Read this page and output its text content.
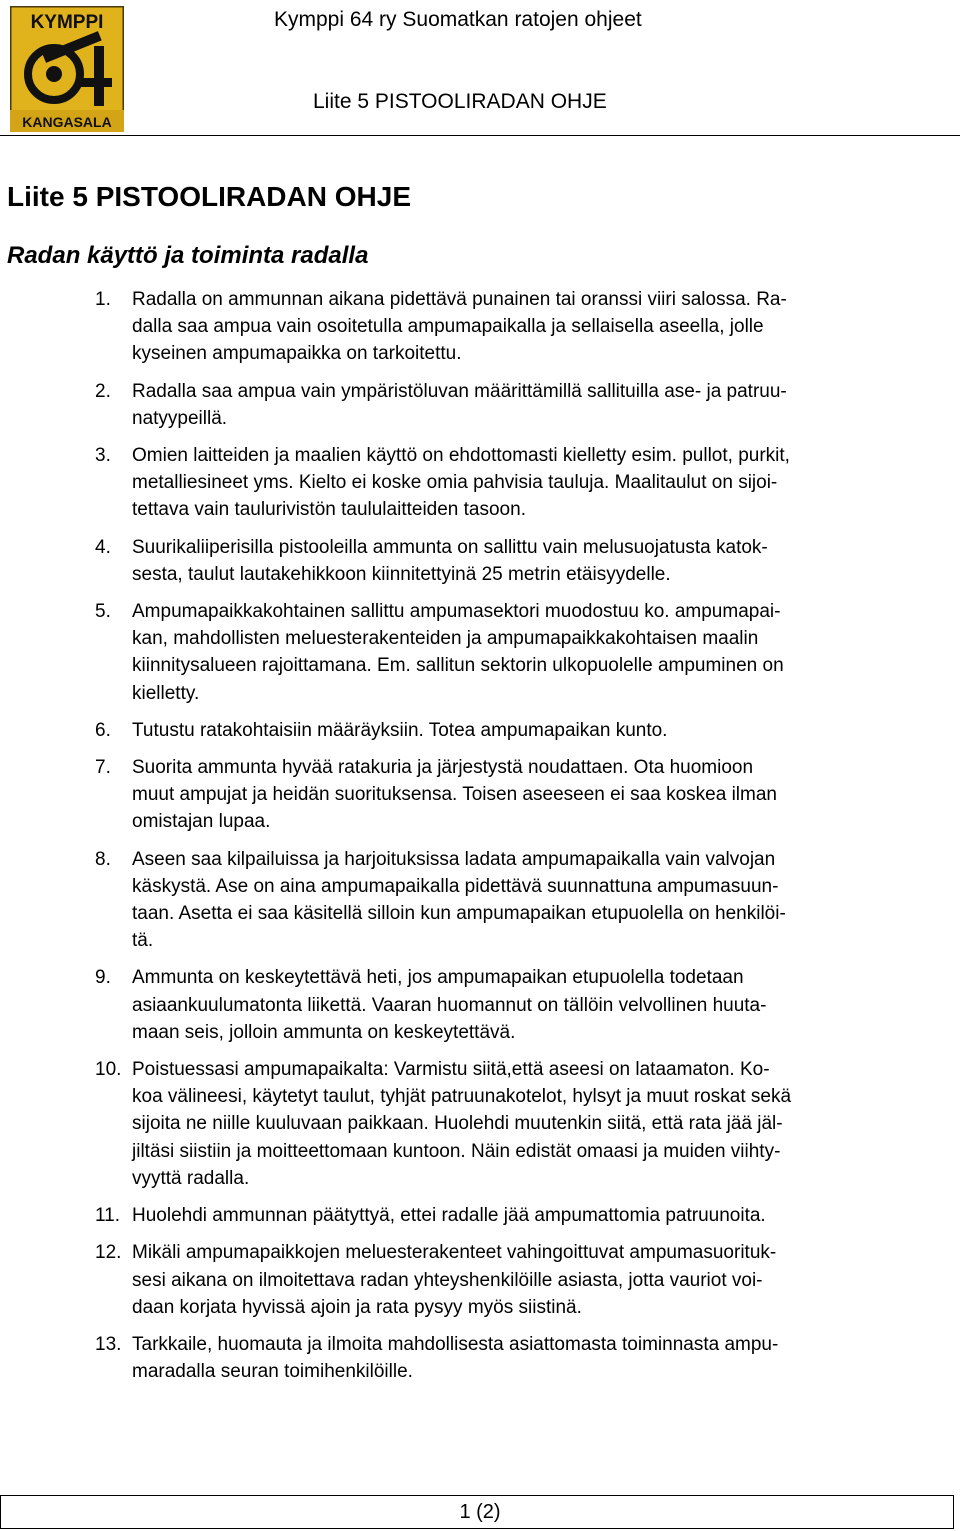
KYMPPI
KANGASALA
Kymppi 64 ry Suomatkan ratojen ohjeet
Liite 5 PISTOOLIRADAN OHJE
Liite 5 PISTOOLIRADAN OHJE
Radan käyttö ja toiminta radalla
1. Radalla on ammunnan aikana pidettävä punainen tai oranssi viiri salossa. Ra-
dalla saa ampua vain osoitetulla ampumapaikalla ja sellaisella aseella, jolle
kyseinen ampumapaikka on tarkoitettu.
2. Radalla saa ampua vain ympäristöluvan määrittämillä sallituilla ase- ja patruu-
natyypeillä.
3. Omien laitteiden ja maalien käyttö on ehdottomasti kielletty esim. pullot, purkit,
metalliesineet yms. Kielto ei koske omia pahvisia tauluja. Maalitaulut on sijoi-
tettava vain taulurivistön taululaitteiden tasoon.
4. Suurikaliiperisilla pistooleilla ammunta on sallittu vain melusuojatusta katok-
sesta, taulut lautakehikkoon kiinnitettyinä 25 metrin etäisyydelle.
5. Ampumapaikkakohtainen sallittu ampumasektori muodostuu ko. ampumapai-
kan, mahdollisten meluesterakenteiden ja ampumapaikkakohtaisen maalin
kiinnitysalueen rajoittamana. Em. sallitun sektorin ulkopuolelle ampuminen on
kielletty.
6. Tutustu ratakohtaisiin määräyksiin. Totea ampumapaikan kunto.
7. Suorita ammunta hyvää ratakuria ja järjestystä noudattaen. Ota huomioon
muut ampujat ja heidän suorituksensa. Toisen aseeseen ei saa koskea ilman
omistajan lupaa.
8. Aseen saa kilpailuissa ja harjoituksissa ladata ampumapaikalla vain valvojan
käskystä. Ase on aina ampumapaikalla pidettävä suunnattuna ampumasuun-
taan. Asetta ei saa käsitellä silloin kun ampumapaikan etupuolella on henkilöi-
tä.
9. Ammunta on keskeytettävä heti, jos ampumapaikan etupuolella todetaan
asiaankuulumatonta liikettä. Vaaran huomannut on tällöin velvollinen huuta-
maan seis, jolloin ammunta on keskeytettävä.
10. Poistuessasi ampumapaikalta: Varmistu siitä,että aseesi on lataamaton. Ko-
koa välineesi, käytetyt taulut, tyhjät patruunakotelot, hylsyt ja muut roskat sekä
sijoita ne niille kuuluvaan paikkaan. Huolehdi muutenkin siitä, että rata jää jäl-
jiltäsi siistiin ja moitteettomaan kuntoon. Näin edistät omaasi ja muiden viihty-
vyyttä radalla.
11. Huolehdi ammunnan päätyttyä, ettei radalle jää ampumattomia patruunoita.
12. Mikäli ampumapaikkojen meluesterakenteet vahingoittuvat ampumasuorituk-
sesi aikana on ilmoitettava radan yhteyshenkilöille asiasta, jotta vauriot voi-
daan korjata hyvissä ajoin ja rata pysyy myös siistinä.
13. Tarkkaile, huomauta ja ilmoita mahdollisesta asiattomasta toiminnasta ampu-
maradalla seuran toimihenkilöille.
1 (2)
